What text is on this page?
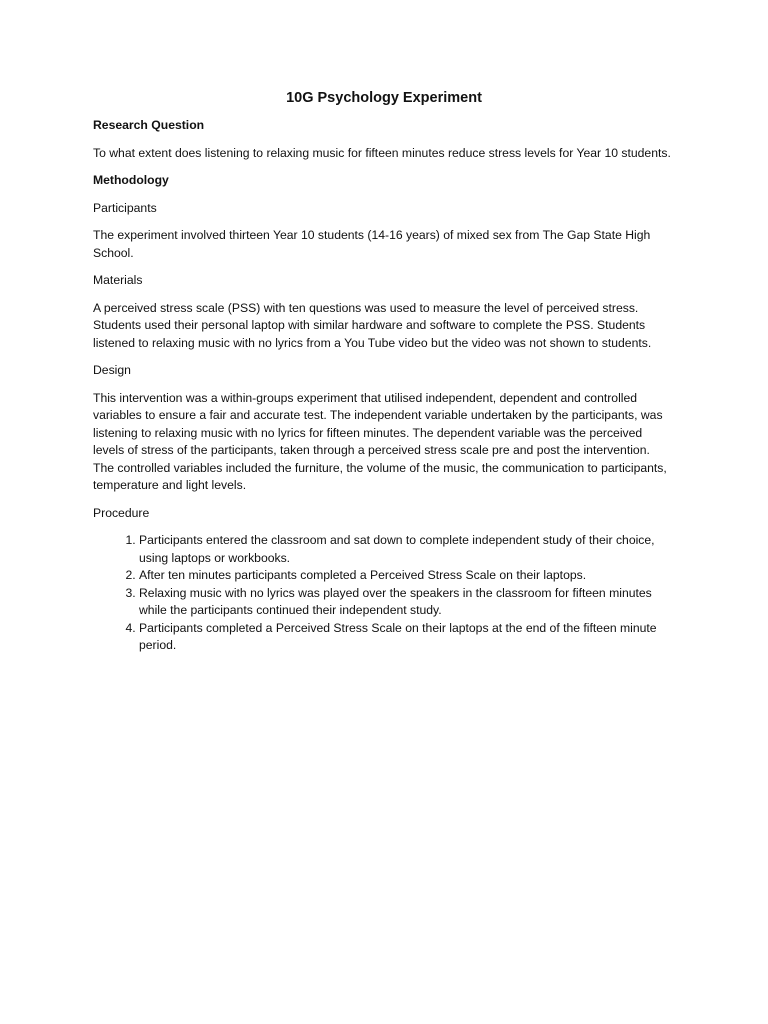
10G Psychology Experiment
Research Question
To what extent does listening to relaxing music for fifteen minutes reduce stress levels for Year 10 students.
Methodology
Participants
The experiment involved thirteen Year 10 students (14-16 years) of mixed sex from The Gap State High School.
Materials
A perceived stress scale (PSS) with ten questions was used to measure the level of perceived stress. Students used their personal laptop with similar hardware and software to complete the PSS. Students listened to relaxing music with no lyrics from a You Tube video but the video was not shown to students.
Design
This intervention was a within-groups experiment that utilised independent, dependent and controlled variables to ensure a fair and accurate test. The independent variable undertaken by the participants, was listening to relaxing music with no lyrics for fifteen minutes. The dependent variable was the perceived levels of stress of the participants, taken through a perceived stress scale pre and post the intervention. The controlled variables included the furniture, the volume of the music, the communication to participants, temperature and light levels.
Procedure
1. Participants entered the classroom and sat down to complete independent study of their choice, using laptops or workbooks.
2. After ten minutes participants completed a Perceived Stress Scale on their laptops.
3. Relaxing music with no lyrics was played over the speakers in the classroom for fifteen minutes while the participants continued their independent study.
4. Participants completed a Perceived Stress Scale on their laptops at the end of the fifteen minute period.
